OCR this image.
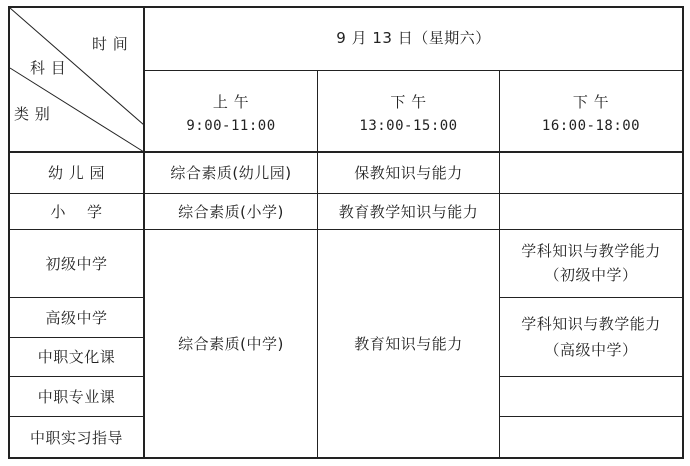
时 间
科 目
类 别
9 月 13 日（星期六）
上 午
9:00-11:00
下 午
13:00-15:00
下 午
16:00-18:00
幼 儿 园
小    学
初级中学
高级中学
中职文化课
中职专业课
中职实习指导
综合素质(幼儿园)
综合素质(小学)
综合素质(中学)
保教知识与能力
教育教学知识与能力
教育知识与能力
学科知识与教学能力
（初级中学）
学科知识与教学能力
（高级中学）
